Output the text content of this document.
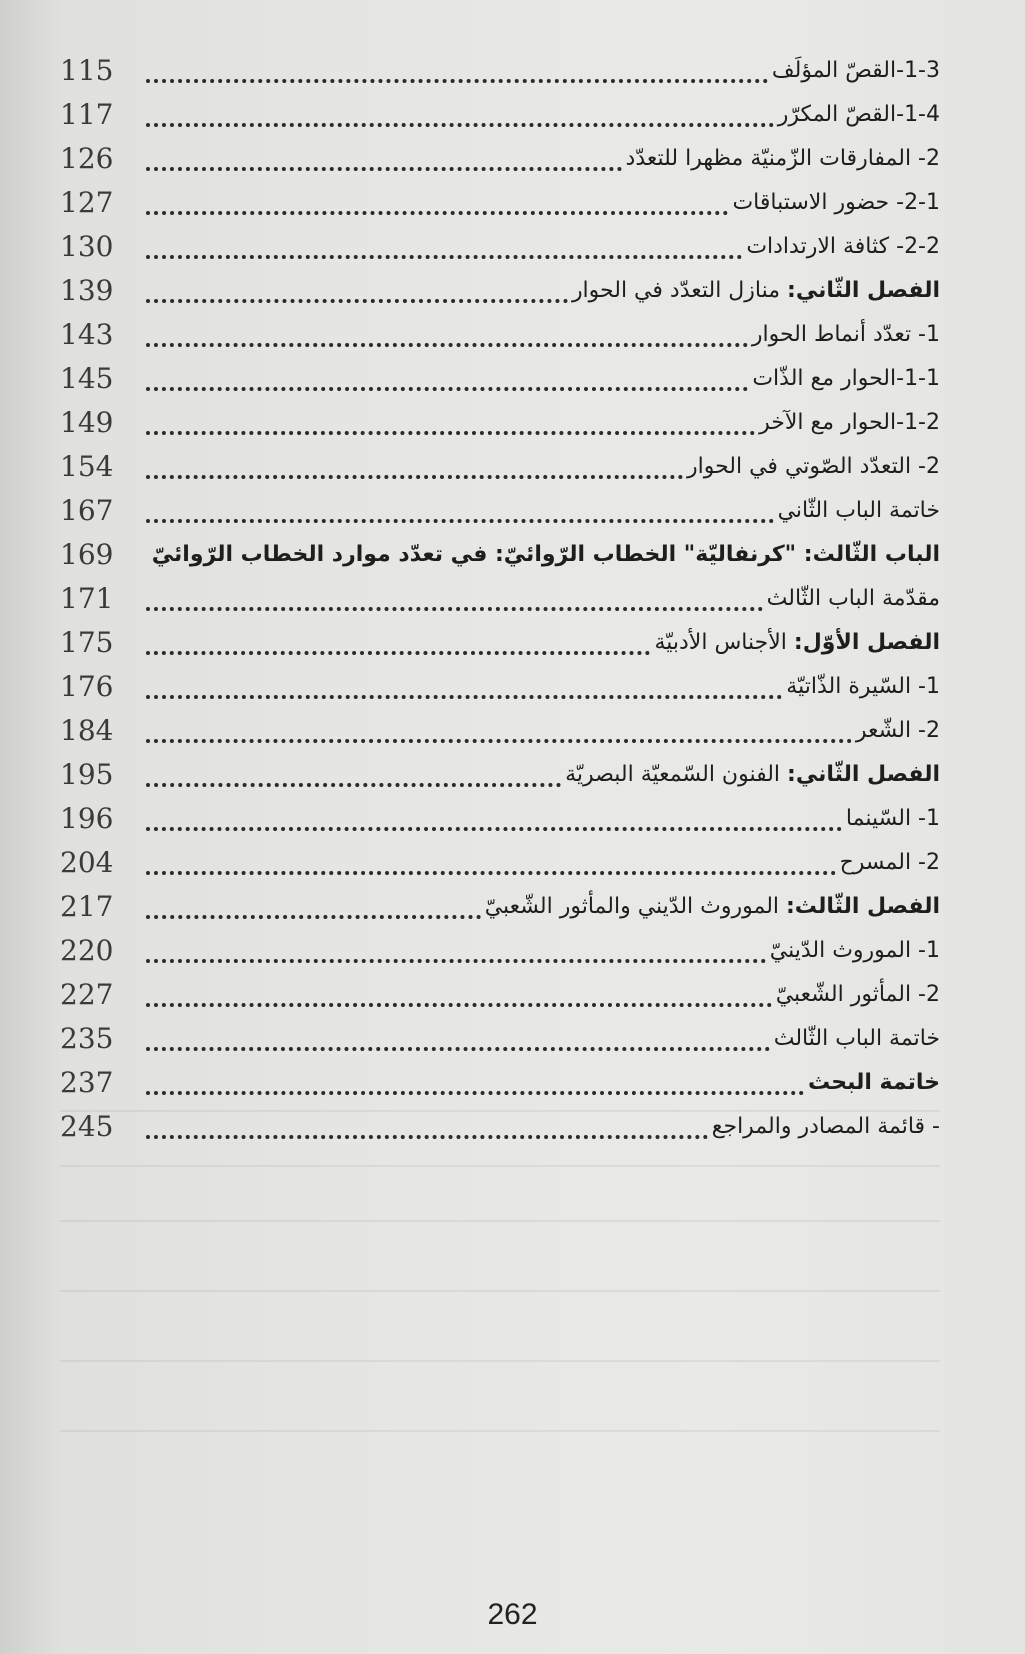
115	1-3-القصّ المؤلَف
117	1-4-القصّ المكرّر
126	2- المفارقات الزّمنيّة مظهرا للتعدّد
127	2-1- حضور الاستباقات
130	2-2- كثافة الارتدادات
139	الفصل الثّاني: منازل التعدّد في الحوار
143	1- تعدّد أنماط الحوار
145	1-1-الحوار مع الذّات
149	1-2-الحوار مع الآخر
154	2- التعدّد الصّوتي في الحوار
167	خاتمة الباب الثّاني
169	الباب الثّالث: "كرنفاليّة" الخطاب الرّوائيّ: في تعدّد موارد الخطاب الرّوائيّ
171	مقدّمة الباب الثّالث
175	الفصل الأوّل: الأجناس الأدبيّة
176	1- السّيرة الذّاتيّة
184	2- الشّعر
195	الفصل الثّاني: الفنون السّمعيّة البصريّة
196	1- السّينما
204	2- المسرح
217	الفصل الثّالث: الموروث الدّيني والمأثور الشّعبيّ
220	1- الموروث الدّينيّ
227	2- المأثور الشّعبيّ
235	خاتمة الباب الثّالث
237	خاتمة البحث
245	- قائمة المصادر والمراجع
262
